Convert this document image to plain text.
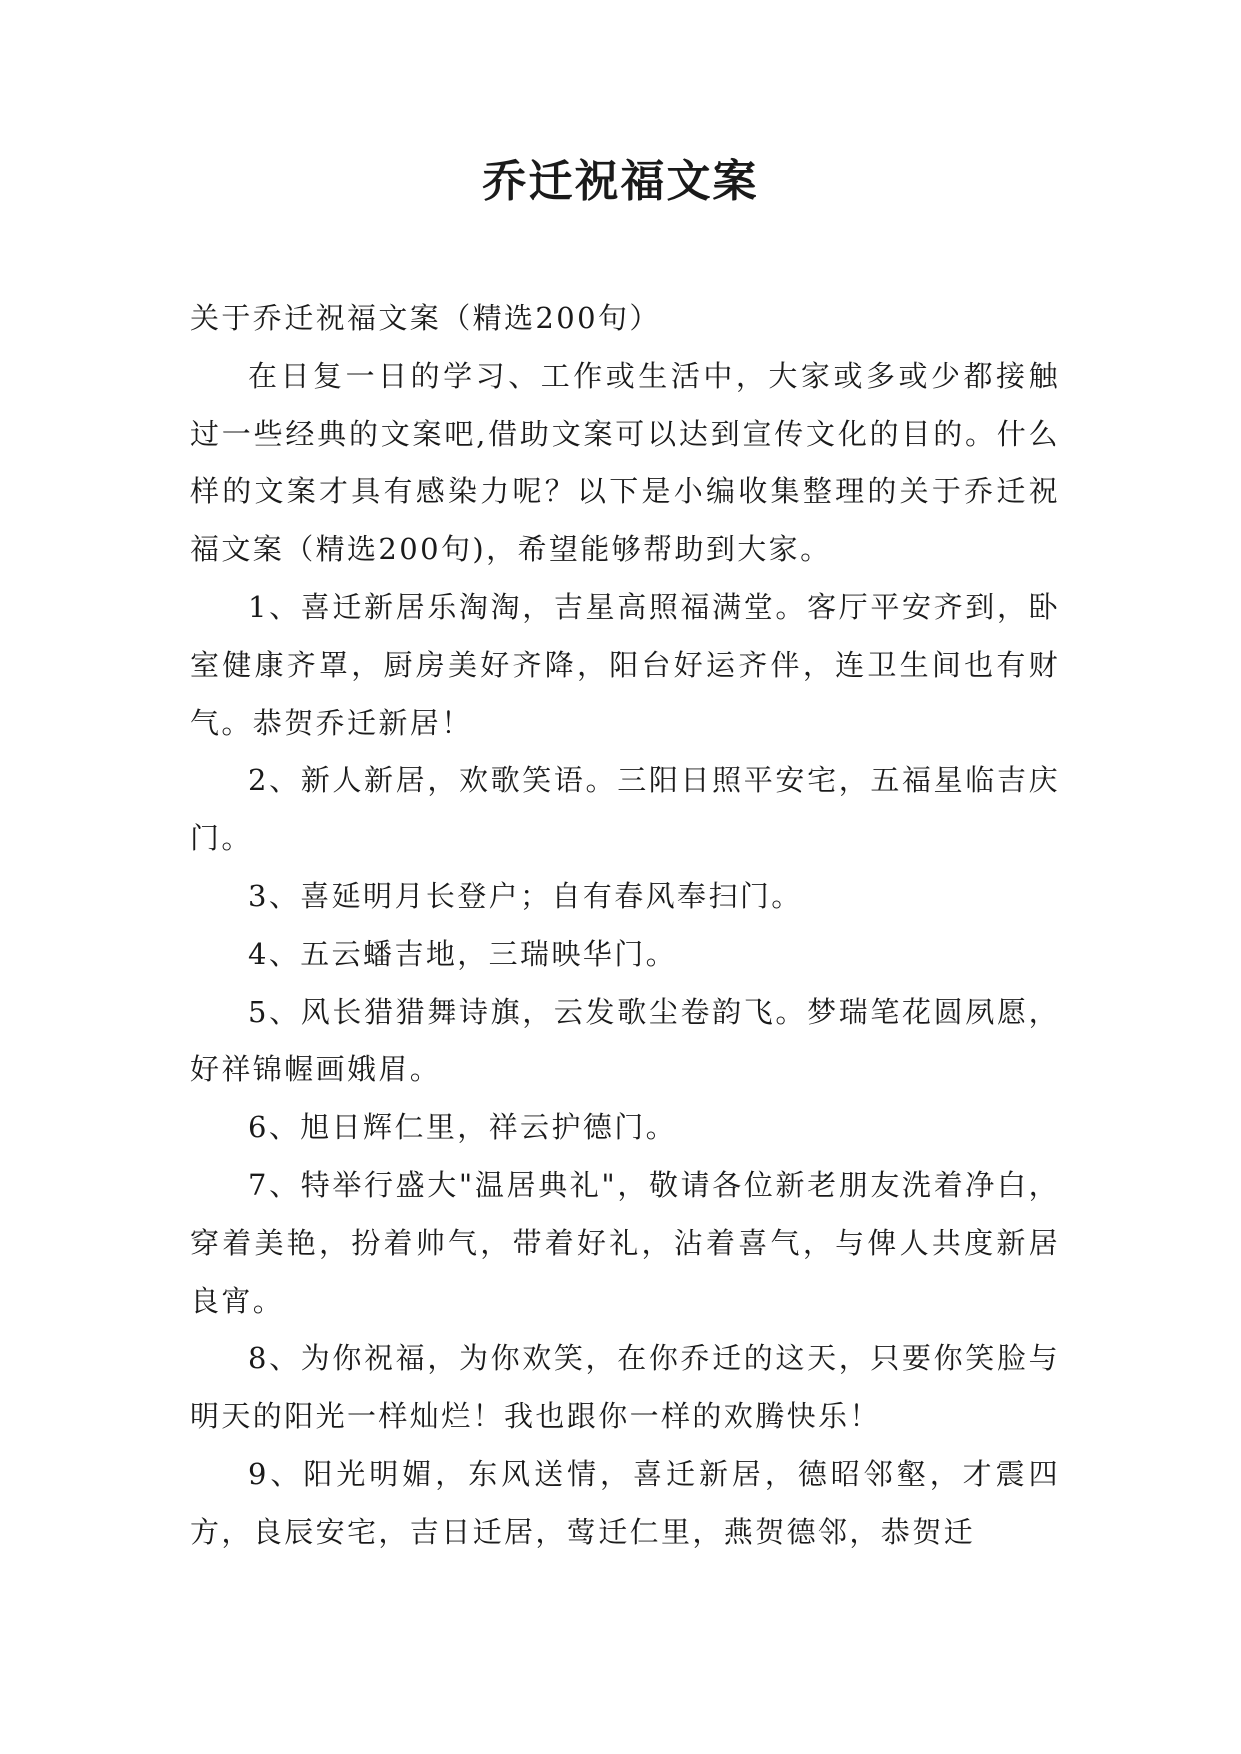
乔迁祝福文案

关于乔迁祝福文案（精选200句）

在日复一日的学习、工作或生活中，大家或多或少都接触过一些经典的文案吧,借助文案可以达到宣传文化的目的。什么样的文案才具有感染力呢？以下是小编收集整理的关于乔迁祝福文案（精选200句)，希望能够帮助到大家。

1、喜迁新居乐淘淘，吉星高照福满堂。客厅平安齐到，卧室健康齐罩，厨房美好齐降，阳台好运齐伴，连卫生间也有财气。恭贺乔迁新居！

2、新人新居，欢歌笑语。三阳日照平安宅，五福星临吉庆门。

3、喜延明月长登户；自有春风奉扫门。

4、五云蟠吉地，三瑞映华门。

5、风长猎猎舞诗旗，云发歌尘卷韵飞。梦瑞笔花圆夙愿，好祥锦幄画娥眉。

6、旭日辉仁里，祥云护德门。

7、特举行盛大"温居典礼"，敬请各位新老朋友洗着净白，穿着美艳，扮着帅气，带着好礼，沾着喜气，与俾人共度新居良宵。

8、为你祝福，为你欢笑，在你乔迁的这天，只要你笑脸与明天的阳光一样灿烂！我也跟你一样的欢腾快乐！

9、阳光明媚，东风送情，喜迁新居，德昭邻壑，才震四方，良辰安宅，吉日迁居，莺迁仁里，燕贺德邻，恭贺迁
